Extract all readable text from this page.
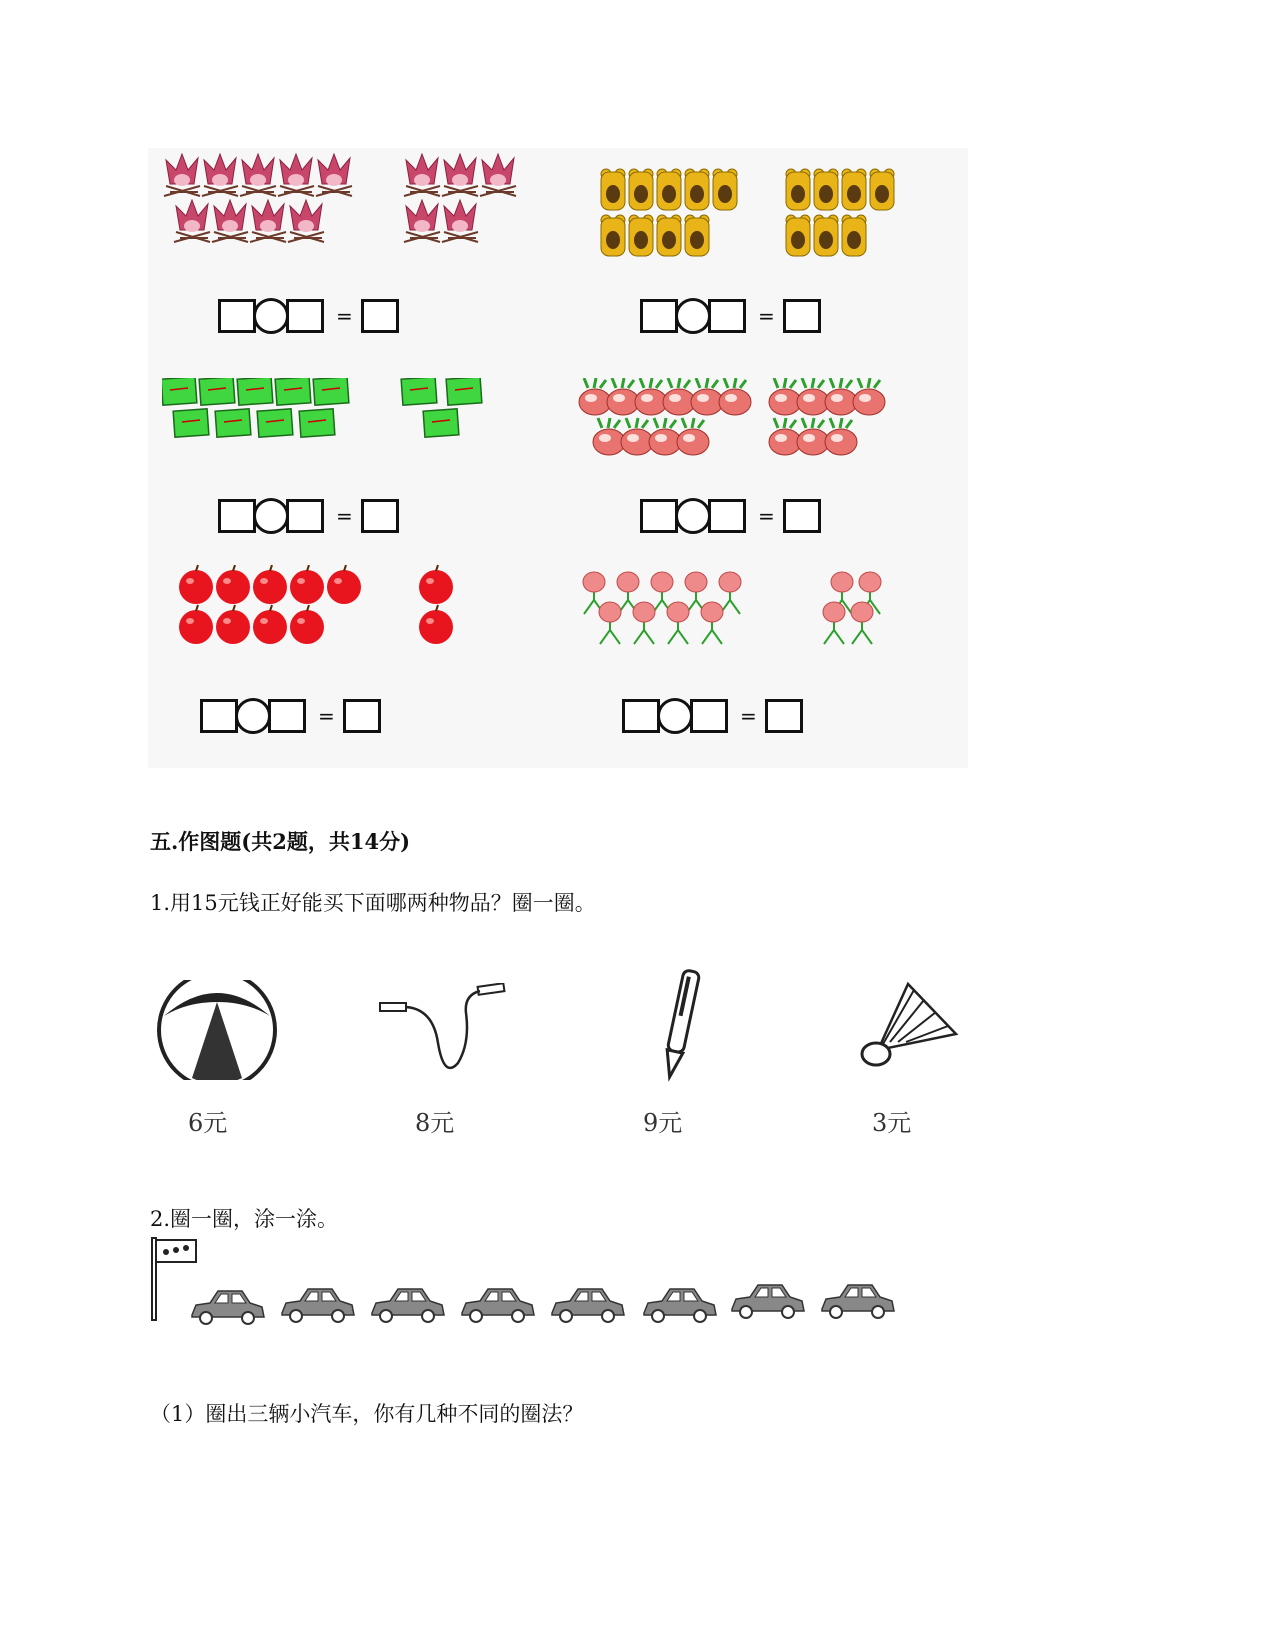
=	=
=	=
=	=
五.作图题(共2题，共14分)
1.用15元钱正好能买下面哪两种物品？圈一圈。
6元	8元	9元	3元
2.圈一圈，涂一涂。
（1）圈出三辆小汽车，你有几种不同的圈法？
